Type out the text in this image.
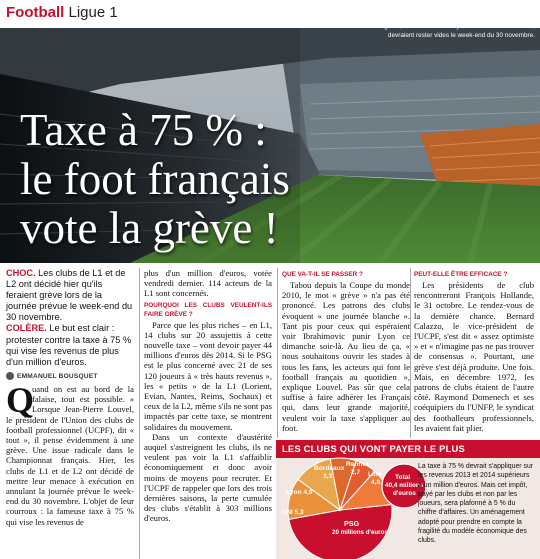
Football Ligue 1
Les stades de Ligue 1, ici celui de Geoffroy-Guichard à Saint-Étienne, devraient rester vides le week-end du 30 novembre.
Taxe à 75 % :
le foot français
vote la grève !

CHOC. Les clubs de L1 et de L2 ont décidé hier qu'ils feraient grève lors de la journée prévue le week-end du 30 novembre.

COLÈRE. Le but est clair : protester contre la taxe à 75 % qui vise les revenus de plus d'un million d'euros.

EMMANUEL BOUSQUET
Q

uand on est au bord de la falaise, tout est possible. » Lorsque Jean-Pierre Louvel, le président de l'Union des clubs de football professionnel (UCPF), dit « tout », il pense évidemment à une grève. Une issue radicale dans le Championnat français. Hier, les clubs de L1 et de L2 ont décidé de mettre leur menace à exécution en annulant la journée prévue le week-end du 30 novembre. L'objet de leur courroux : la fameuse taxe à 75 % qui vise les revenus de

plus d'un million d'euros, votée vendredi dernier. 114 acteurs de la L1 sont concernés.

POURQUOI LES CLUBS VEULENT-ILS FAIRE GRÈVE ?

Parce que les plus riches – en L1, 14 clubs sur 20 assujettis à cette nouvelle taxe – vont devoir payer 44 millions d'euros dès 2014. Si le PSG est le plus concerné avec 21 de ses 120 joueurs à « très hauts revenus », les « petits » de la L1 (Lorient, Evian, Nantes, Reims, Sochaux) et ceux de la L2, même s'ils ne sont pas impactés par cette taxe, se montrent solidaires du mouvement.

Dans un contexte d'austérité auquel s'astreignent les clubs, ils ne veulent pas voir la L1 s'affaiblir économiquement et donc avoir moins de moyens pour recruter. Et l'UCPF de rappeler que lors des trois dernières saisons, la perte cumulée des clubs s'établit à 303 millions d'euros.

QUE VA-T-IL SE PASSER ?

Tabou depuis la Coupe du monde 2010, le mot « grève » n'a pas été prononcé. Les patrons des clubs évoquent « une journée blanche ». Tant pis pour ceux qui espéraient voir Ibrahimovic punir Lyon ce dimanche soir-là. Au lieu de ça, « nous souhaitons ouvrir les stades à tous les fans, les acteurs qui font le football français au quotidien », explique Louvel. Pas sûr que cela suffise à faire adhérer les Français qui, dans leur grande majorité, veulent voir la taxe s'appliquer au foot.

PEUT-ELLE ÊTRE EFFICACE ?

Les présidents de club rencontreront François Hollande, le 31 octobre. Le rendez-vous de la dernière chance. Bernard Calazzo, le vice-président de l'UCPF, s'est dit « assez optimiste » et « n'imagine pas ne pas trouver de consensus ». Pourtant, une grève s'est déjà produite. Une fois. Mais, en décembre 1972, les patrons de clubs étaient de l'autre côté. Raymond Domenech et ses coéquipiers du l'UNFP, le syndicat des footballeurs professionnels, les avaient fait plier.

LES CLUBS QUI VONT PAYER LE PLUS
Bordeaux
3,3
Rennes
2,7 Lille
4,8
Lyon 4,9
OM 5,3
PSG
20 millions d'euros
Total
40,4 millions
d'euros
La taxe à 75 % devrait s'appliquer sur les revenus 2013 et 2014 supérieurs à un million d'euros. Mais cet impôt, payé par les clubs et non par les joueurs, sera plafonné à 5 % du chiffre d'affaires. Un aménagement adopté pour prendre en compte la fragilité du modèle économique des clubs.
